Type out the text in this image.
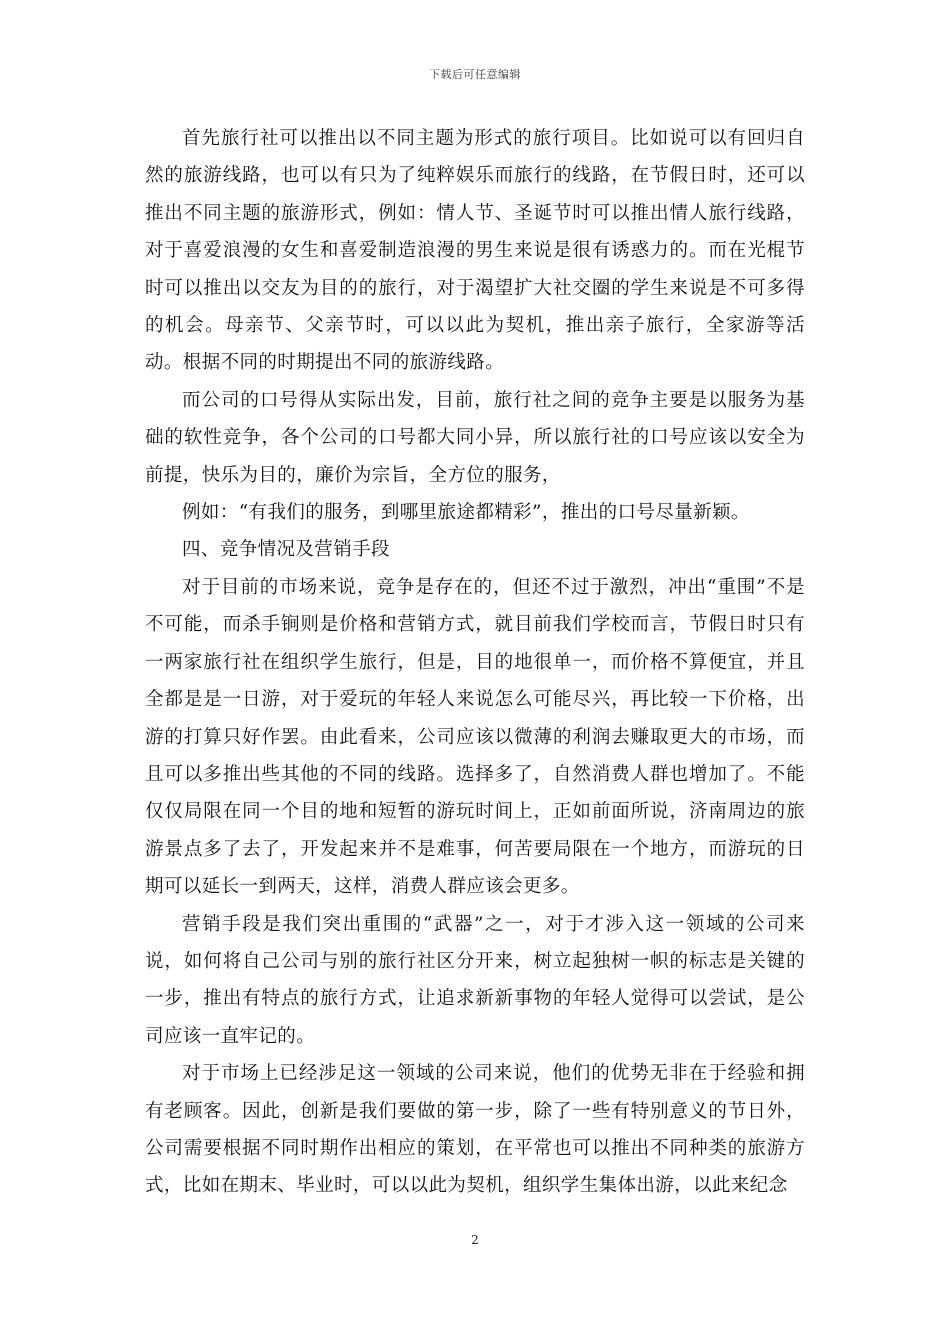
下载后可任意编辑

首先旅行社可以推出以不同主题为形式的旅行项目。比如说可以有回归自然的旅游线路，也可以有只为了纯粹娱乐而旅行的线路，在节假日时，还可以推出不同主题的旅游形式，例如：情人节、圣诞节时可以推出情人旅行线路，对于喜爱浪漫的女生和喜爱制造浪漫的男生来说是很有诱惑力的。而在光棍节时可以推出以交友为目的的旅行，对于渴望扩大社交圈的学生来说是不可多得的机会。母亲节、父亲节时，可以以此为契机，推出亲子旅行，全家游等活动。根据不同的时期提出不同的旅游线路。

而公司的口号得从实际出发，目前，旅行社之间的竞争主要是以服务为基础的软性竞争，各个公司的口号都大同小异，所以旅行社的口号应该以安全为前提，快乐为目的，廉价为宗旨，全方位的服务，

例如：“有我们的服务，到哪里旅途都精彩”，推出的口号尽量新颖。

四、竞争情况及营销手段

对于目前的市场来说，竞争是存在的，但还不过于激烈，冲出“重围”不是不可能，而杀手锏则是价格和营销方式，就目前我们学校而言，节假日时只有一两家旅行社在组织学生旅行，但是，目的地很单一，而价格不算便宜，并且全都是是一日游，对于爱玩的年轻人来说怎么可能尽兴，再比较一下价格，出游的打算只好作罢。由此看来，公司应该以微薄的利润去赚取更大的市场，而且可以多推出些其他的不同的线路。选择多了，自然消费人群也增加了。不能仅仅局限在同一个目的地和短暂的游玩时间上，正如前面所说，济南周边的旅游景点多了去了，开发起来并不是难事，何苦要局限在一个地方，而游玩的日期可以延长一到两天，这样，消费人群应该会更多。

营销手段是我们突出重围的“武器”之一，对于才涉入这一领域的公司来说，如何将自己公司与别的旅行社区分开来，树立起独树一帜的标志是关键的一步，推出有特点的旅行方式，让追求新新事物的年轻人觉得可以尝试，是公司应该一直牢记的。

对于市场上已经涉足这一领域的公司来说，他们的优势无非在于经验和拥有老顾客。因此，创新是我们要做的第一步，除了一些有特别意义的节日外，公司需要根据不同时期作出相应的策划，在平常也可以推出不同种类的旅游方式，比如在期末、毕业时，可以以此为契机，组织学生集体出游，以此来纪念

2
